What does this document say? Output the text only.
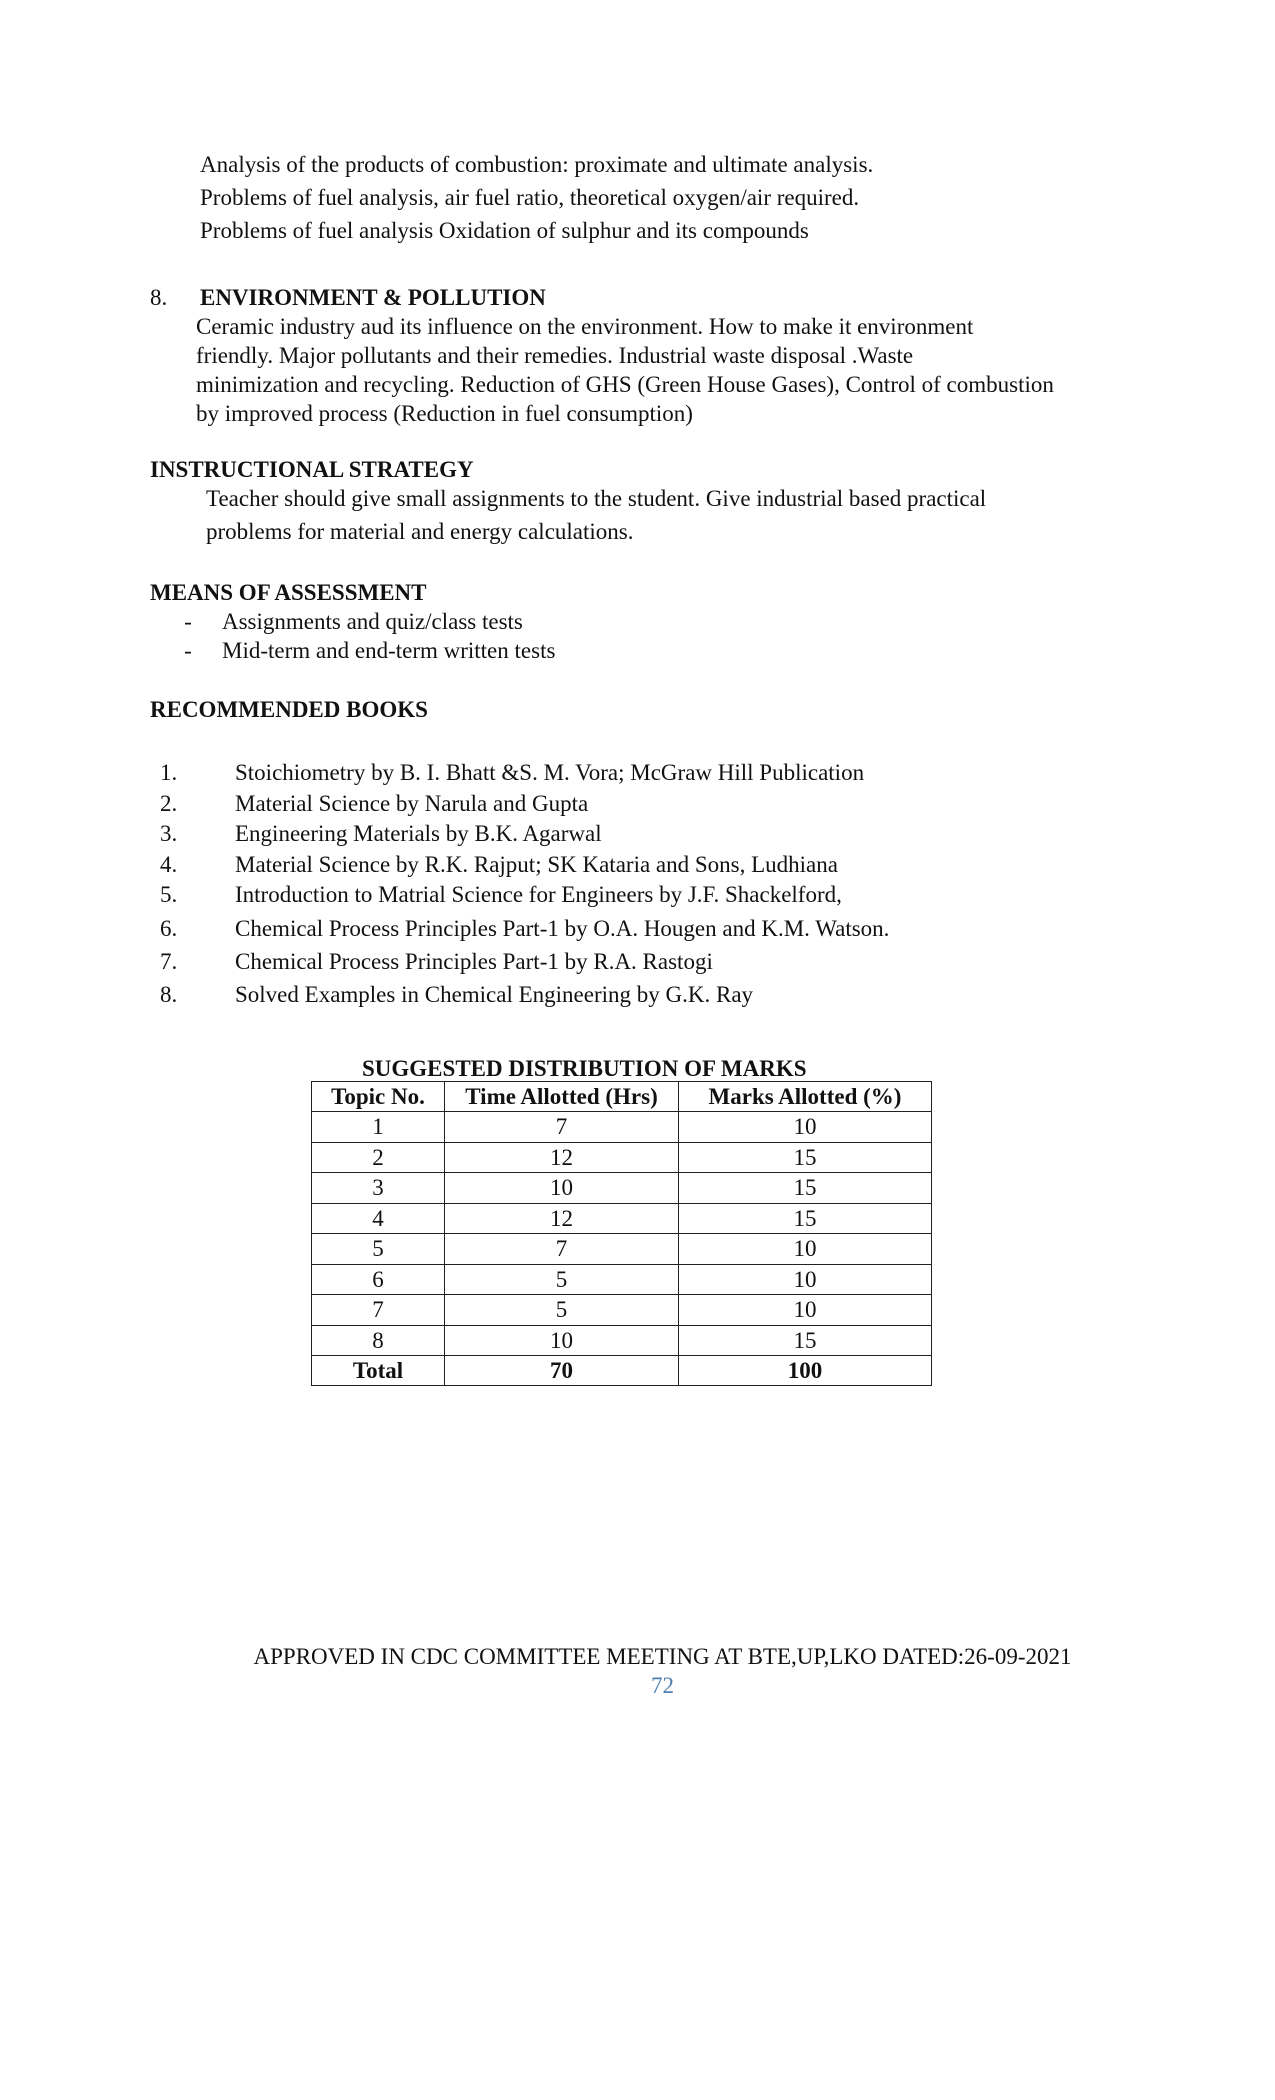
Analysis of the products of combustion: proximate and ultimate analysis.
Problems of fuel analysis, air fuel ratio, theoretical oxygen/air required.
Problems of fuel analysis Oxidation of sulphur and its compounds
8.	ENVIRONMENT & POLLUTION
Ceramic industry aud its influence on the environment. How to make it environment
friendly. Major pollutants and their remedies. Industrial waste disposal .Waste
minimization and recycling. Reduction of GHS (Green House Gases), Control of combustion
by improved process (Reduction in fuel consumption)
INSTRUCTIONAL STRATEGY
Teacher should give small assignments to the student. Give industrial based practical
problems for material and energy calculations.
MEANS OF ASSESSMENT
-	Assignments and quiz/class tests
-	Mid-term and end-term written tests
RECOMMENDED BOOKS
1.	Stoichiometry by B. I. Bhatt &S. M. Vora; McGraw Hill Publication
2.	Material Science by Narula and Gupta
3.	Engineering Materials by B.K. Agarwal
4.	Material Science by R.K. Rajput; SK Kataria and Sons, Ludhiana
5.	Introduction to Matrial Science for Engineers by J.F. Shackelford,
6.	Chemical Process Principles Part-1 by O.A. Hougen and K.M. Watson.
7.	Chemical Process Principles Part-1 by R.A. Rastogi
8.	Solved Examples in Chemical Engineering by G.K. Ray
SUGGESTED DISTRIBUTION OF MARKS
Topic No.	Time Allotted (Hrs)	Marks Allotted (%)
1	7	10
2	12	15
3	10	15
4	12	15
5	7	10
6	5	10
7	5	10
8	10	15
Total	70	100
APPROVED IN CDC COMMITTEE MEETING AT BTE,UP,LKO DATED:26-09-2021
72
